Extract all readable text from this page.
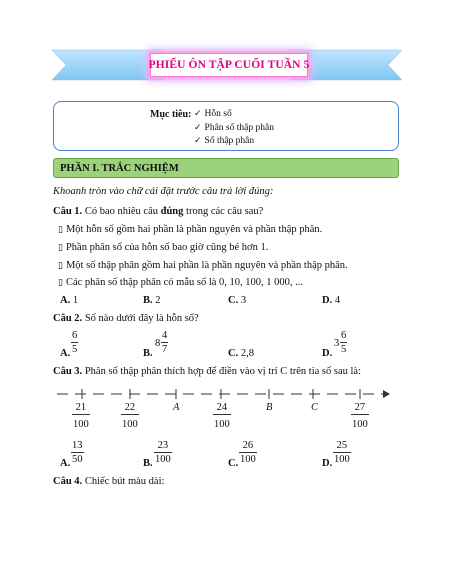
PHIẾU ÔN TẬP CUỐI TUẦN 5
Mục tiêu: ✓ Hỗn số
✓ Phân số thập phân
✓ Số thập phân
PHẦN I. TRẮC NGHIỆM
Khoanh tròn vào chữ cái đặt trước câu trả lời đúng:
Câu 1. Có bao nhiêu câu đúng trong các câu sau?
▯ Một hỗn số gồm hai phần là phần nguyên và phần thập phân.
▯ Phần phân số của hỗn số bao giờ cũng bé hơn 1.
▯ Một số thập phân gồm hai phần là phần nguyên và phần thập phân.
▯ Các phân số thập phân có mẫu số là 0, 10, 100, 1 000, ...
A. 1	B. 2	C. 3	D. 4
Câu 2. Số nào dưới đây là hỗn số?
A.
6
5	B.
8
4
7	C. 2,8	D.
3
6
5
Câu 3. Phân số thập phân thích hợp để điền vào vị trí C trên tia số sau là:
21
100
22
100
A	24
100
B	C	27
100
A.
13
50	B.
23
100	C.
26
100	D.
25
100
Câu 4. Chiếc bút màu dài:
